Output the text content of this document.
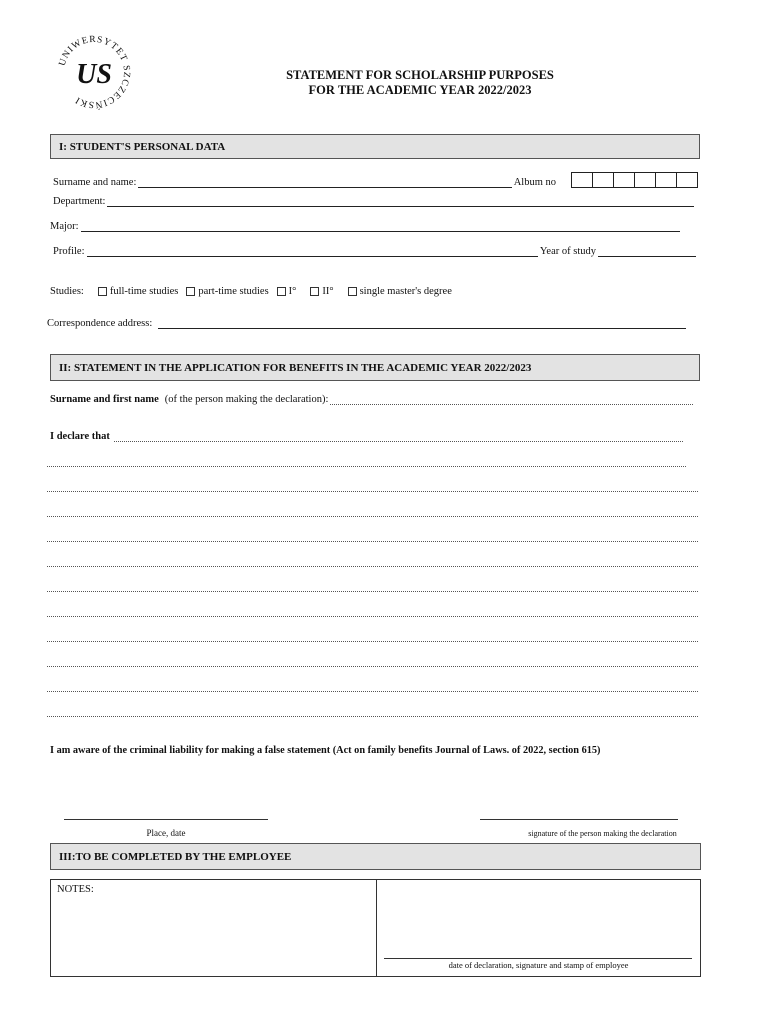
UNIWERSYTET SZCZECIŃSKI
US	STATEMENT FOR SCHOLARSHIP PURPOSES
FOR THE ACADEMIC YEAR 2022/2023
I: STUDENT'S PERSONAL DATA
Surname and name:	Album no
Department:
Major:
Profile:	Year of study
Studies:	full-time studies	part-time studies	I°	II°	single master's degree
Correspondence address:
II: STATEMENT IN THE APPLICATION FOR BENEFITS IN THE ACADEMIC YEAR 2022/2023
Surname and first name (of the person making the declaration):
I declare that
I am aware of the criminal liability for making a false statement (Act on family benefits Journal of Laws. of 2022, section 615)
Place, date	signature of the person making the declaration
III:TO BE COMPLETED BY THE EMPLOYEE
NOTES:
date of declaration, signature and stamp of employee
